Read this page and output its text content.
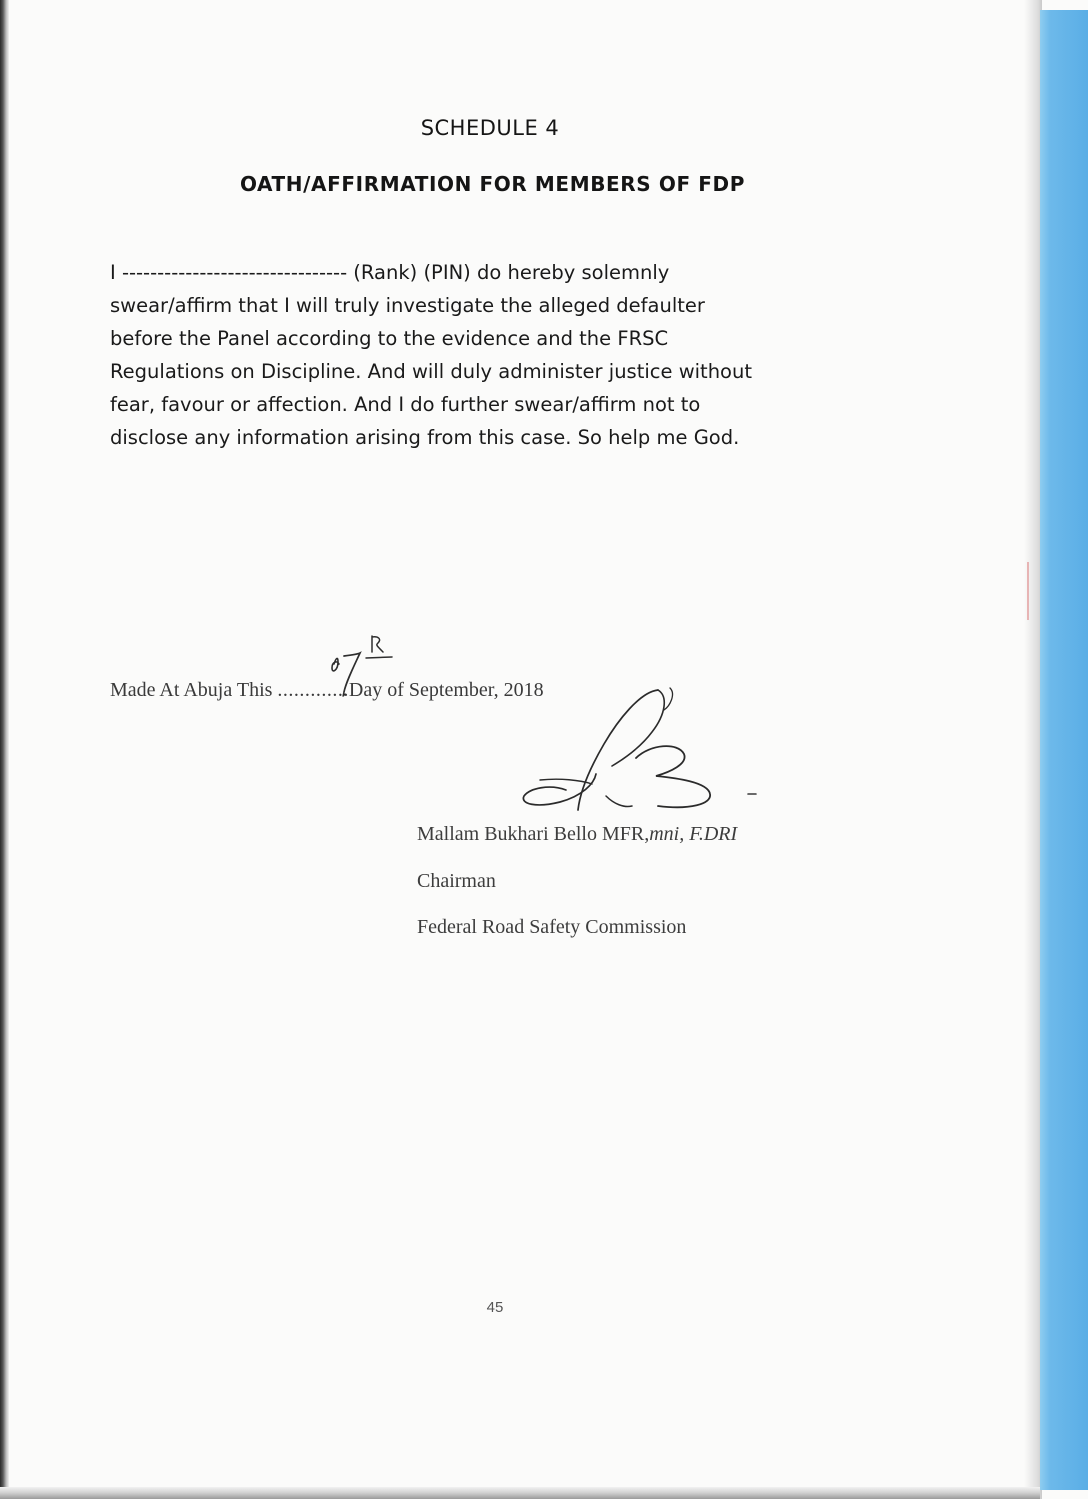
SCHEDULE 4
OATH/AFFIRMATION FOR MEMBERS OF FDP
I -------------------------------- (Rank) (PIN) do hereby solemnly
swear/affirm that I will truly investigate the alleged defaulter
before the Panel according to the evidence and the FRSC
Regulations on Discipline. And will duly administer justice without
fear, favour or affection. And I do further swear/affirm not to
disclose any information arising from this case. So help me God.
Made At Abuja This .............Day of September, 2018
Mallam Bukhari Bello MFR,mni, F.DRI
Chairman
Federal Road Safety Commission
45
